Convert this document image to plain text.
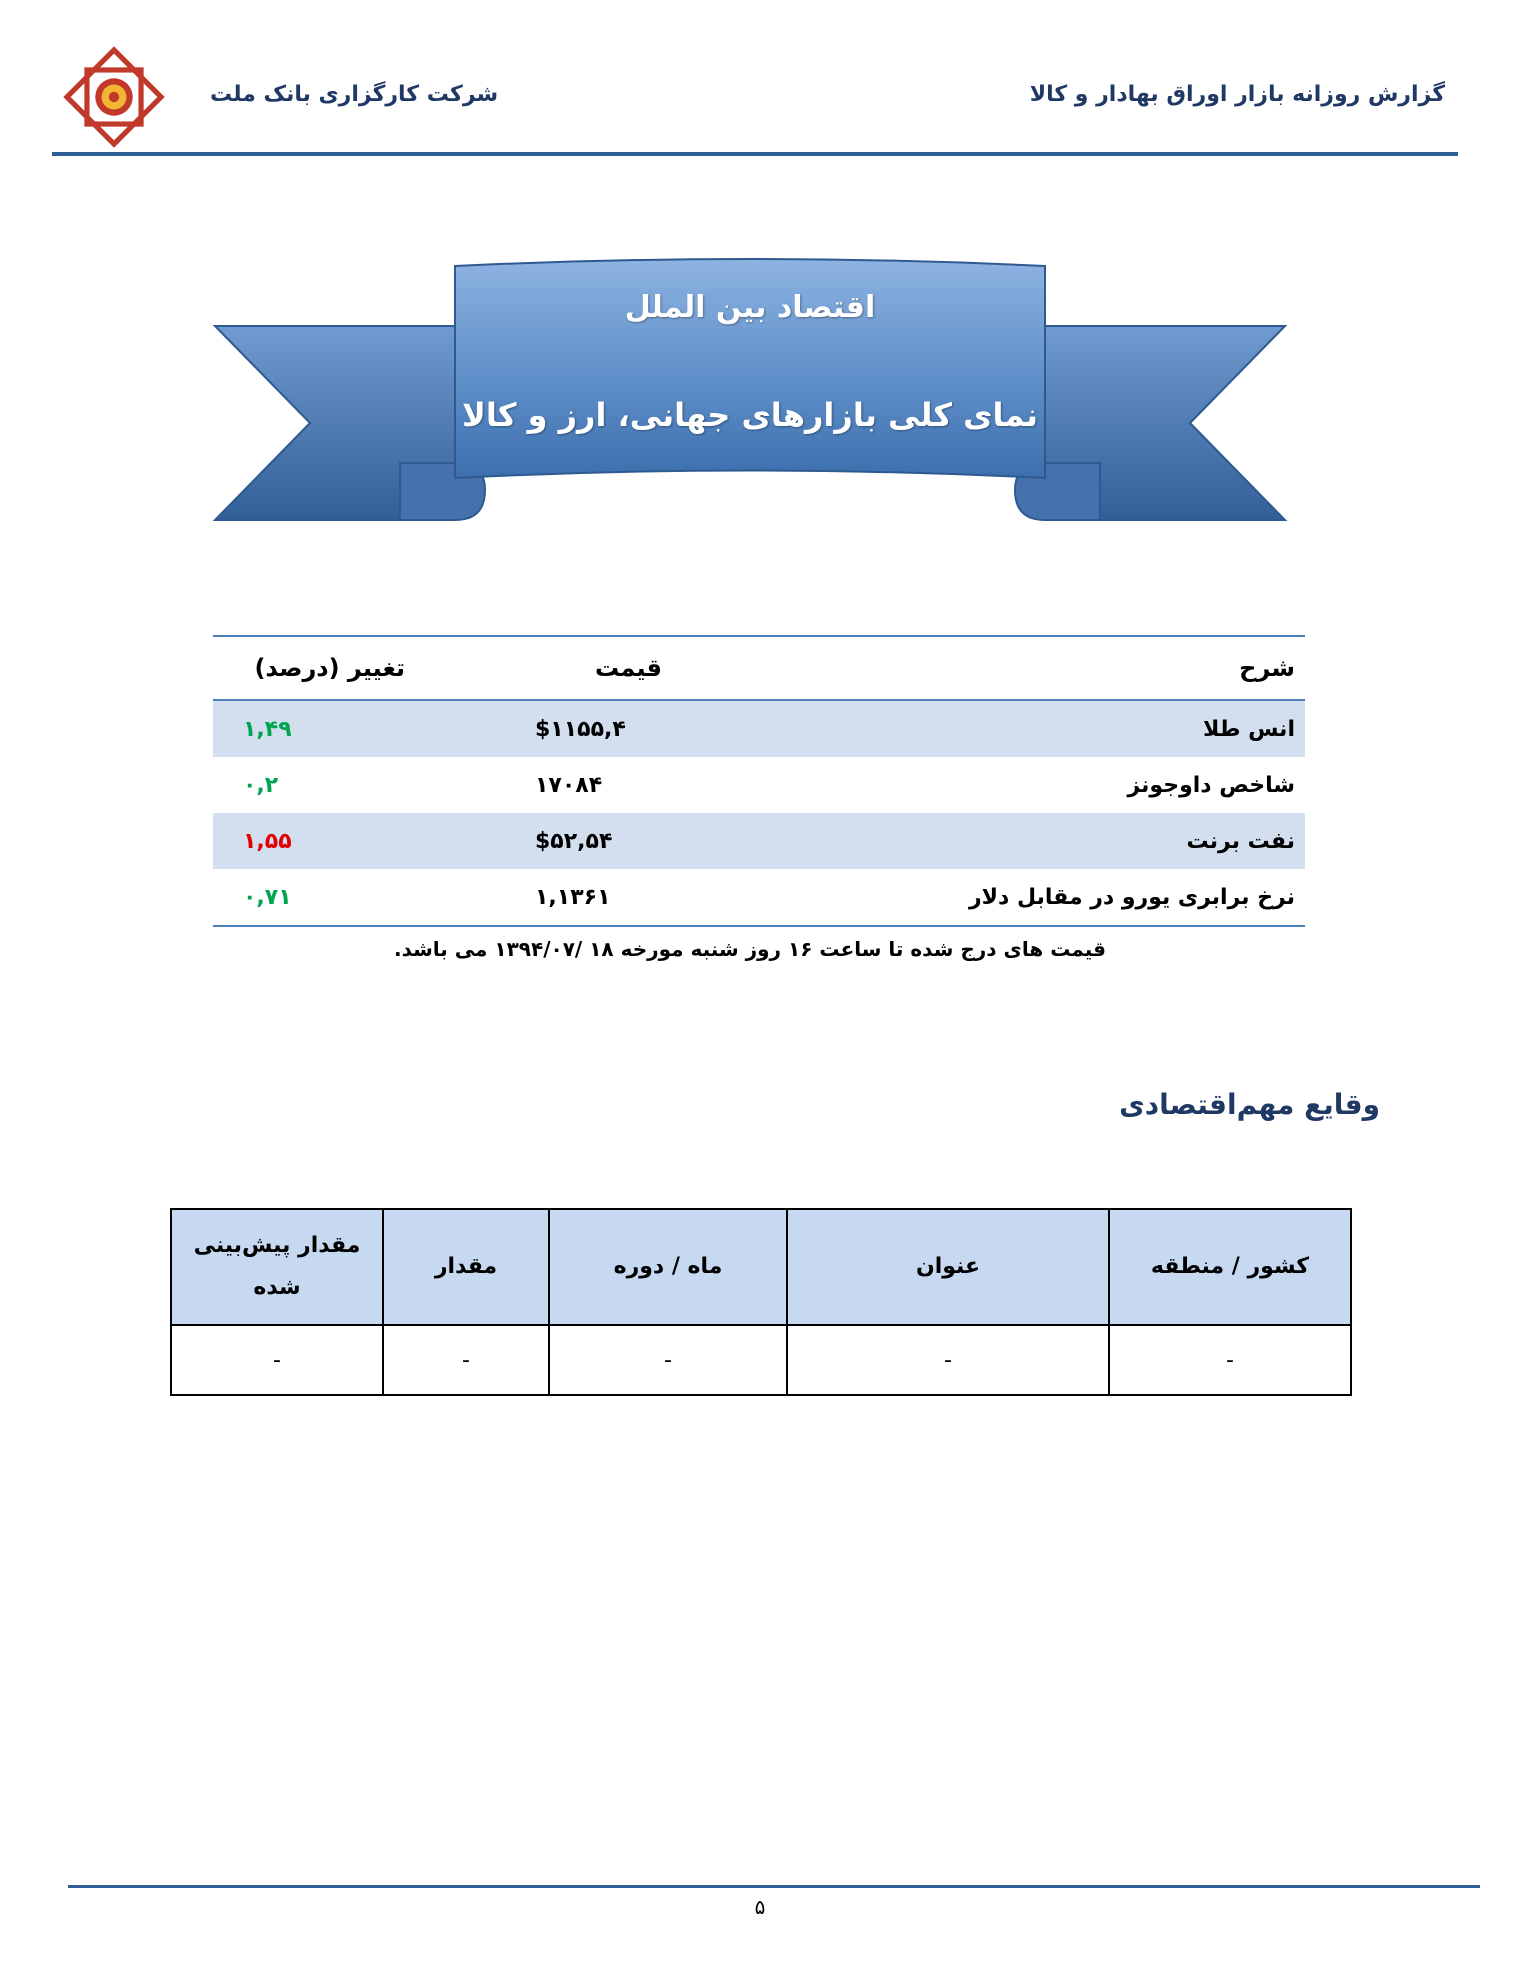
گزارش روزانه بازار اوراق بهادار و کالا
شرکت کارگزاری بانک ملت
اقتصاد بین الملل
نمای کلی بازارهای جهانی، ارز و کالا
شرح	قیمت	تغییر (درصد)
انس طلا	$۱۱۵۵,۴	۱,۴۹
شاخص داوجونز	۱۷۰۸۴	۰,۲
نفت برنت	$۵۲,۵۴	۱,۵۵
نرخ برابری یورو در مقابل دلار	۱,۱۳۶۱	۰,۷۱
قیمت های درج شده تا ساعت ۱۶ روز شنبه مورخه ۱۸ /۱۳۹۴/۰۷ می باشد.
وقایع مهم‌اقتصادی
کشور / منطقه	عنوان	ماه / دوره	مقدار	مقدار پیش‌بینی
شده
-	-	-	-	-
۵
